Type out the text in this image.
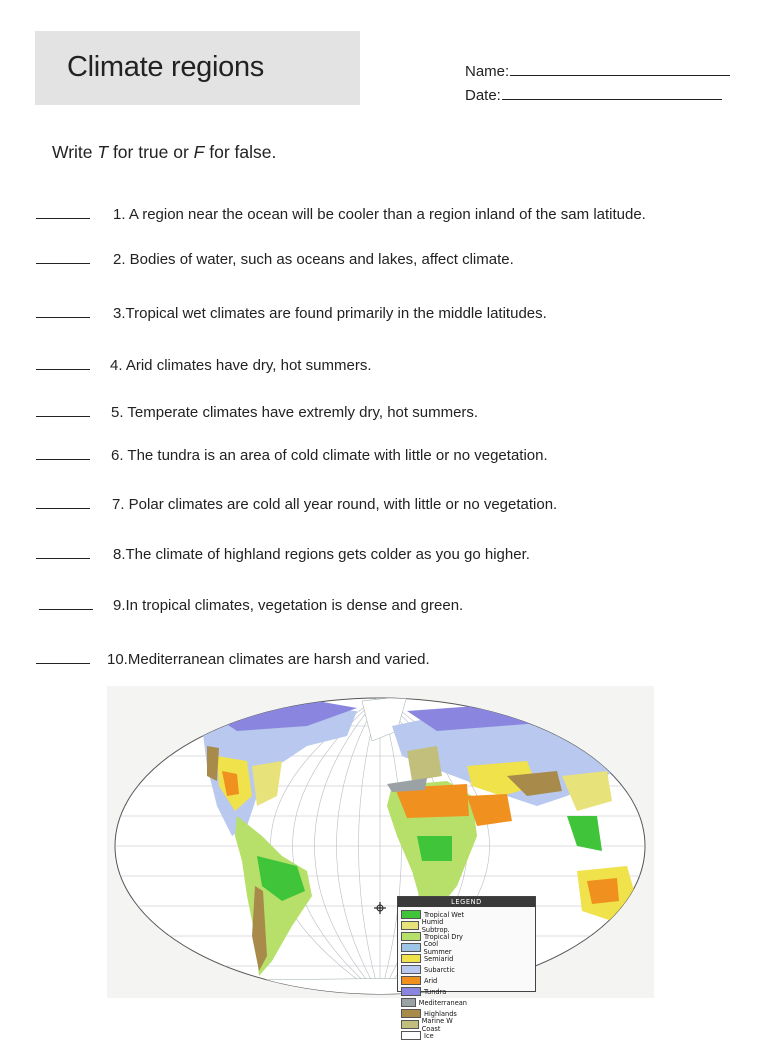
Climate regions	Name:
Date:
Write T for true or F for false.
1. A region near the ocean will be cooler than a region inland of the sam latitude.
2. Bodies of water, such as oceans and lakes, affect climate.
3.Tropical wet climates are found primarily in the middle latitudes.
4. Arid climates have dry, hot summers.
5. Temperate climates have extremly dry, hot summers.
6. The tundra is an area of cold climate with little or no vegetation.
7. Polar climates are cold all year round, with little or no vegetation.
8.The climate of highland regions gets colder as you go higher.
9.In tropical climates, vegetation is dense and green.
10.Mediterranean climates are harsh and varied.
LEGEND
Tropical Wet
Humid Subtrop.
Tropical Dry
Cool Summer
Semiarid
Subarctic
Arid
Tundra
Mediterranean
Highlands
Marine W Coast
Ice
